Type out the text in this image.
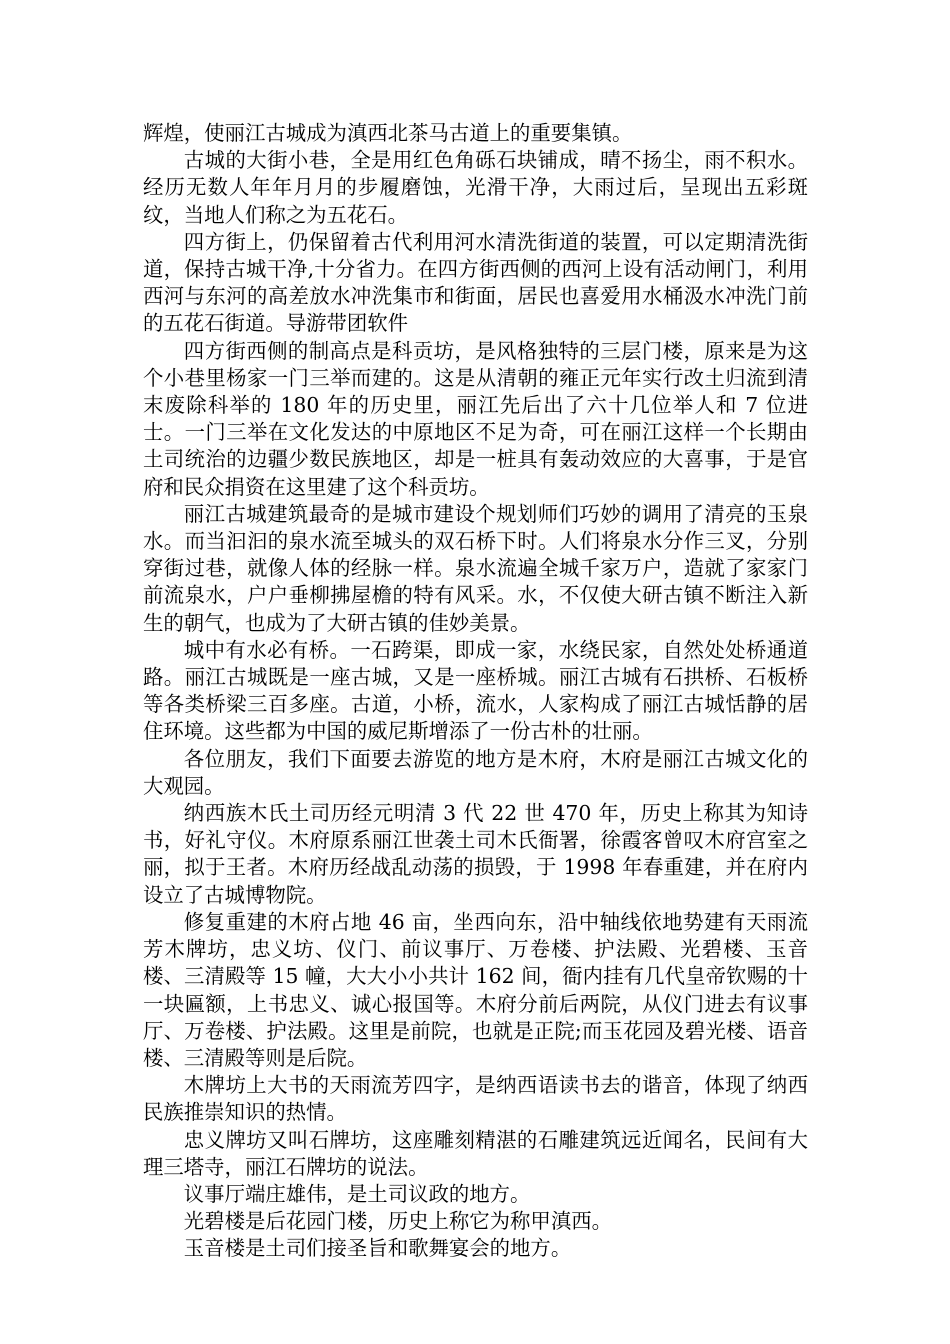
辉煌，使丽江古城成为滇西北茶马古道上的重要集镇。

古城的大街小巷，全是用红色角砾石块铺成，晴不扬尘，雨不积水。经历无数人年年月月的步履磨蚀，光滑干净，大雨过后，呈现出五彩斑纹，当地人们称之为五花石。

四方街上，仍保留着古代利用河水清洗街道的装置，可以定期清洗街道，保持古城干净,十分省力。在四方街西侧的西河上设有活动闸门，利用西河与东河的高差放水冲洗集市和街面，居民也喜爱用水桶汲水冲洗门前的五花石街道。导游带团软件

四方街西侧的制高点是科贡坊，是风格独特的三层门楼，原来是为这个小巷里杨家一门三举而建的。这是从清朝的雍正元年实行改土归流到清末废除科举的 180 年的历史里，丽江先后出了六十几位举人和 7 位进士。一门三举在文化发达的中原地区不足为奇，可在丽江这样一个长期由土司统治的边疆少数民族地区，却是一桩具有轰动效应的大喜事，于是官府和民众捐资在这里建了这个科贡坊。

丽江古城建筑最奇的是城市建设个规划师们巧妙的调用了清亮的玉泉水。而当汩汩的泉水流至城头的双石桥下时。人们将泉水分作三叉，分别穿街过巷，就像人体的经脉一样。泉水流遍全城千家万户，造就了家家门前流泉水，户户垂柳拂屋檐的特有风采。水，不仅使大研古镇不断注入新生的朝气，也成为了大研古镇的佳妙美景。

城中有水必有桥。一石跨渠，即成一家，水绕民家，自然处处桥通道路。丽江古城既是一座古城，又是一座桥城。丽江古城有石拱桥、石板桥等各类桥梁三百多座。古道，小桥，流水，人家构成了丽江古城恬静的居住环境。这些都为中国的威尼斯增添了一份古朴的壮丽。

各位朋友，我们下面要去游览的地方是木府，木府是丽江古城文化的大观园。

纳西族木氏土司历经元明清 3 代 22 世 470 年，历史上称其为知诗书，好礼守仪。木府原系丽江世袭土司木氏衙署，徐霞客曾叹木府宫室之丽，拟于王者。木府历经战乱动荡的损毁，于 1998 年春重建，并在府内设立了古城博物院。

修复重建的木府占地 46 亩，坐西向东，沿中轴线依地势建有天雨流芳木牌坊，忠义坊、仪门、前议事厅、万卷楼、护法殿、光碧楼、玉音楼、三清殿等 15 幢，大大小小共计 162 间，衙内挂有几代皇帝钦赐的十一块匾额，上书忠义、诚心报国等。木府分前后两院，从仪门进去有议事厅、万卷楼、护法殿。这里是前院，也就是正院;而玉花园及碧光楼、语音楼、三清殿等则是后院。

木牌坊上大书的天雨流芳四字，是纳西语读书去的谐音，体现了纳西民族推崇知识的热情。

忠义牌坊又叫石牌坊，这座雕刻精湛的石雕建筑远近闻名，民间有大理三塔寺，丽江石牌坊的说法。

议事厅端庄雄伟，是土司议政的地方。

光碧楼是后花园门楼，历史上称它为称甲滇西。

玉音楼是土司们接圣旨和歌舞宴会的地方。
